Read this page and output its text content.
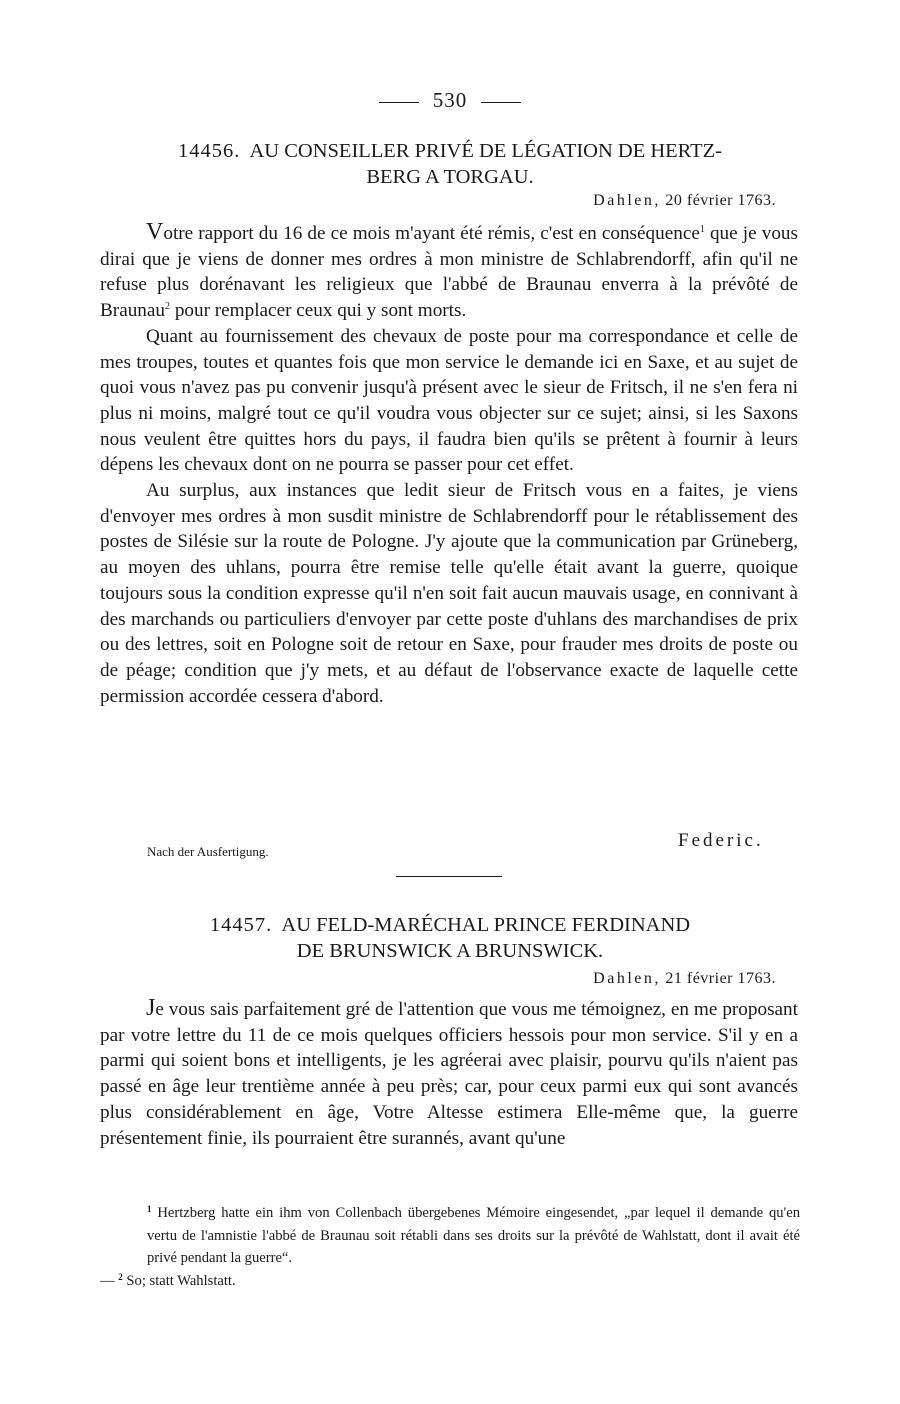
530
14456. AU CONSEILLER PRIVÉ DE LÉGATION DE HERTZ-
BERG A TORGAU.
Dahlen, 20 février 1763.

Votre rapport du 16 de ce mois m'ayant été rémis, c'est en conséquence$^1$ que je vous dirai que je viens de donner mes ordres à mon ministre de Schlabrendorff, afin qu'il ne refuse plus dorénavant les religieux que l'abbé de Braunau enverra à la prévôté de Braunau$^2$ pour remplacer ceux qui y sont morts.

Quant au fournissement des chevaux de poste pour ma correspondance et celle de mes troupes, toutes et quantes fois que mon service le demande ici en Saxe, et au sujet de quoi vous n'avez pas pu convenir jusqu'à présent avec le sieur de Fritsch, il ne s'en fera ni plus ni moins, malgré tout ce qu'il voudra vous objecter sur ce sujet; ainsi, si les Saxons nous veulent être quittes hors du pays, il faudra bien qu'ils se prêtent à fournir à leurs dépens les chevaux dont on ne pourra se passer pour cet effet.

Au surplus, aux instances que ledit sieur de Fritsch vous en a faites, je viens d'envoyer mes ordres à mon susdit ministre de Schlabrendorff pour le rétablissement des postes de Silésie sur la route de Pologne. J'y ajoute que la communication par Grüneberg, au moyen des uhlans, pourra être remise telle qu'elle était avant la guerre, quoique toujours sous la condition expresse qu'il n'en soit fait aucun mauvais usage, en connivant à des marchands ou particuliers d'envoyer par cette poste d'uhlans des marchandises de prix ou des lettres, soit en Pologne soit de retour en Saxe, pour frauder mes droits de poste ou de péage; condition que j'y mets, et au défaut de l'observance exacte de laquelle cette permission accordée cessera d'abord.

Nach der Ausfertigung.
Federic.
14457. AU FELD-MARÉCHAL PRINCE FERDINAND
DE BRUNSWICK A BRUNSWICK.
Dahlen, 21 février 1763.

Je vous sais parfaitement gré de l'attention que vous me témoignez, en me proposant par votre lettre du 11 de ce mois quelques officiers hessois pour mon service. S'il y en a parmi qui soient bons et intelligents, je les agréerai avec plaisir, pourvu qu'ils n'aient pas passé en âge leur trentième année à peu près; car, pour ceux parmi eux qui sont avancés plus considérablement en âge, Votre Altesse estimera Elle-même que, la guerre présentement finie, ils pourraient être surannés, avant qu'une

$^1$ Hertzberg hatte ein ihm von Collenbach übergebenes Mémoire eingesendet, „par lequel il demande qu'en vertu de l'amnistie l'abbé de Braunau soit rétabli dans ses droits sur la prévôté de Wahlstatt, dont il avait été privé pendant la guerre“.

— $^2$ So; statt Wahlstatt.
